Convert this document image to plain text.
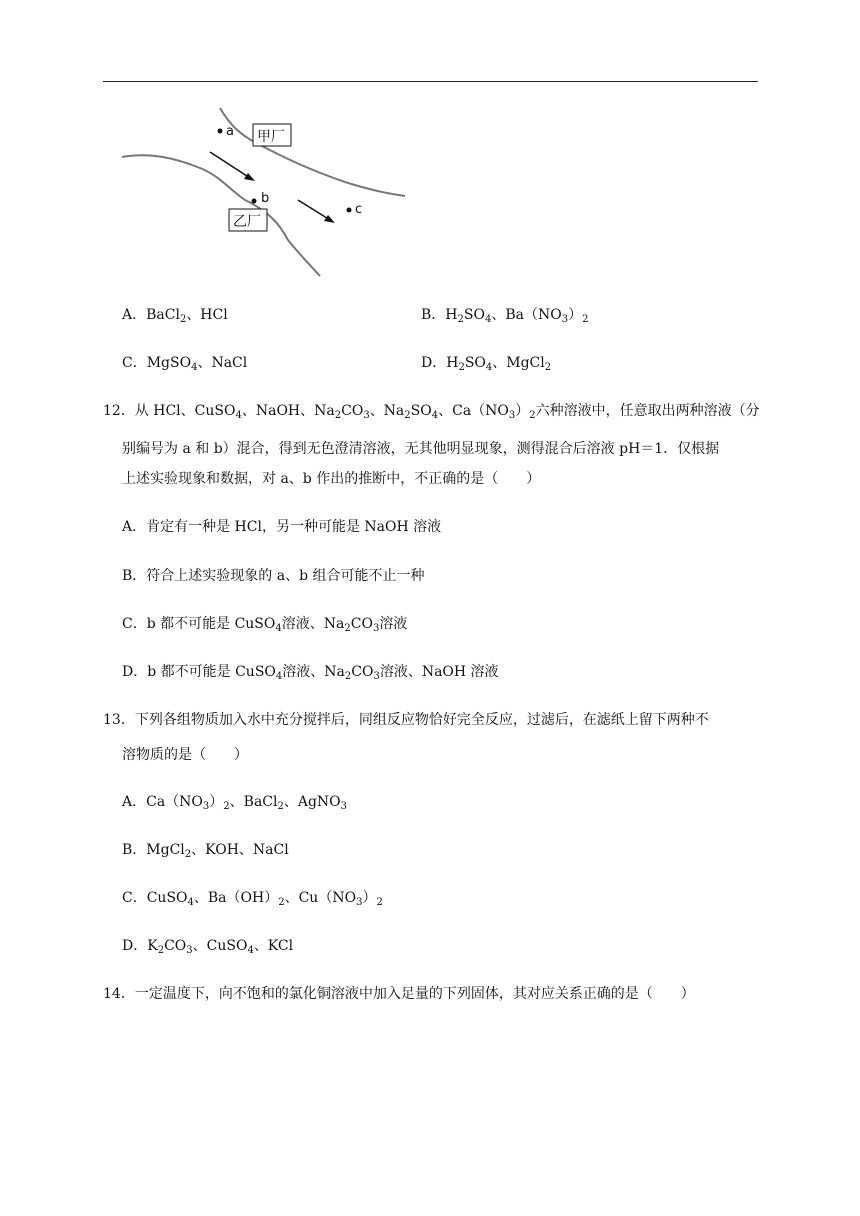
a
b
c
甲厂
乙厂
A．BaCl$_2$、HCl	B．$H_2SO_4$、$Ba(NO_3)_2$
C．MgSO$_4$、NaCl	D．$H_2SO_4$、MgCl$_2$
12．从 HCl、CuSO$_4$、NaOH、$Na_2CO_3$、$Na_2SO_4$、$Ca(NO_3)_2$六种溶液中，任意取出两种溶液（分
别编号为 a 和 b）混合，得到无色澄清溶液，无其他明显现象，测得混合后溶液 pH＝1．仅根据
上述实验现象和数据，对 a、b 作出的推断中，不正确的是（　　）
A．肯定有一种是 HCl，另一种可能是 NaOH 溶液
B．符合上述实验现象的 a、b 组合可能不止一种
C．b 都不可能是 CuSO$_4$溶液、$Na_2CO_3$溶液
D．b 都不可能是 CuSO$_4$溶液、$Na_2CO_3$溶液、NaOH 溶液
13．下列各组物质加入水中充分搅拌后，同组反应物恰好完全反应，过滤后，在滤纸上留下两种不
溶物质的是（　　）
A．$Ca(NO_3)_2$、BaCl$_2$、AgNO$_3$
B．MgCl$_2$、KOH、NaCl
C．CuSO$_4$、$Ba(OH)_2$、$Cu(NO_3)_2$
D．$K_2CO_3$、CuSO$_4$、KCl
14．一定温度下，向不饱和的氯化铜溶液中加入足量的下列固体，其对应关系正确的是（　　）
